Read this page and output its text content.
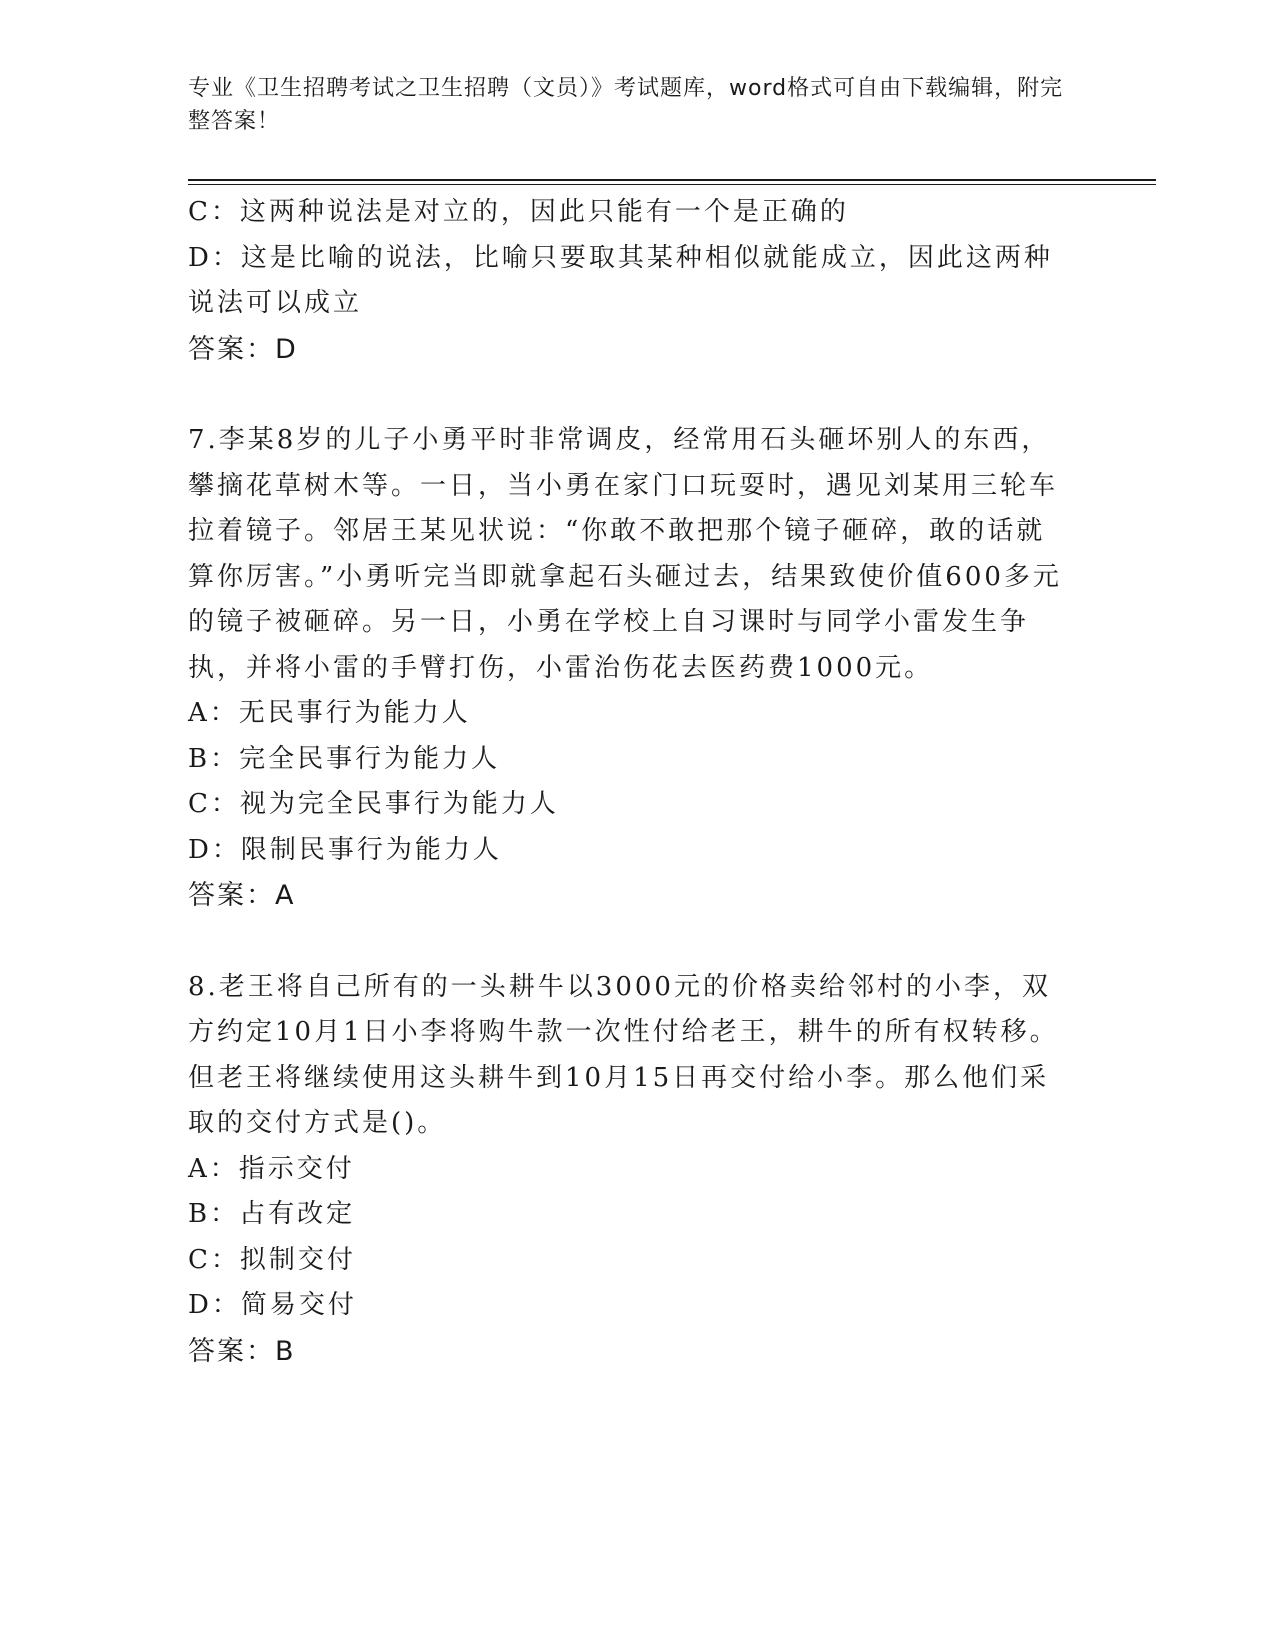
专业《卫生招聘考试之卫生招聘（文员）》考试题库，word格式可自由下载编辑，附完整答案！
C：这两种说法是对立的，因此只能有一个是正确的
D：这是比喻的说法，比喻只要取其某种相似就能成立，因此这两种说法可以成立
答案：D
7.李某8岁的儿子小勇平时非常调皮，经常用石头砸坏别人的东西，攀摘花草树木等。一日，当小勇在家门口玩耍时，遇见刘某用三轮车拉着镜子。邻居王某见状说：“你敢不敢把那个镜子砸碎，敢的话就算你厉害。”小勇听完当即就拿起石头砸过去，结果致使价值600多元的镜子被砸碎。另一日，小勇在学校上自习课时与同学小雷发生争执，并将小雷的手臂打伤，小雷治伤花去医药费1000元。
A：无民事行为能力人
B：完全民事行为能力人
C：视为完全民事行为能力人
D：限制民事行为能力人
答案：A
8.老王将自己所有的一头耕牛以3000元的价格卖给邻村的小李，双方约定10月1日小李将购牛款一次性付给老王，耕牛的所有权转移。但老王将继续使用这头耕牛到10月15日再交付给小李。那么他们采取的交付方式是()。
A：指示交付
B：占有改定
C：拟制交付
D：简易交付
答案：B
